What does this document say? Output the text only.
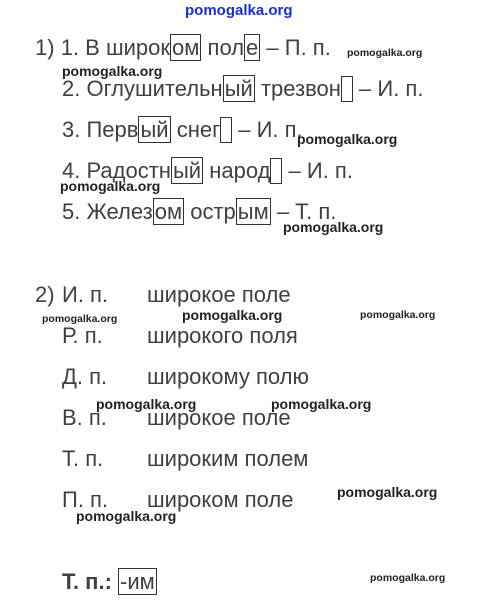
pomogalka.org
1) 1. В широком поле – П. п.
2. Оглушительный трезвон – И. п.
3. Первый снег – И. п.
4. Радостный народ – И. п.
5. Железом острым – Т. п.
2) И. п. широкое поле
Р. п. широкого поля
Д. п. широкому полю
В. п. широкое поле
Т. п. широким полем
П. п. широком поле
Т. п.: -им
pomogalka.org
pomogalka.org
pomogalka.org
pomogalka.org
pomogalka.org
pomogalka.org	pomogalka.org	pomogalka.org
pomogalka.org	pomogalka.org
pomogalka.org
pomogalka.org
pomogalka.org
